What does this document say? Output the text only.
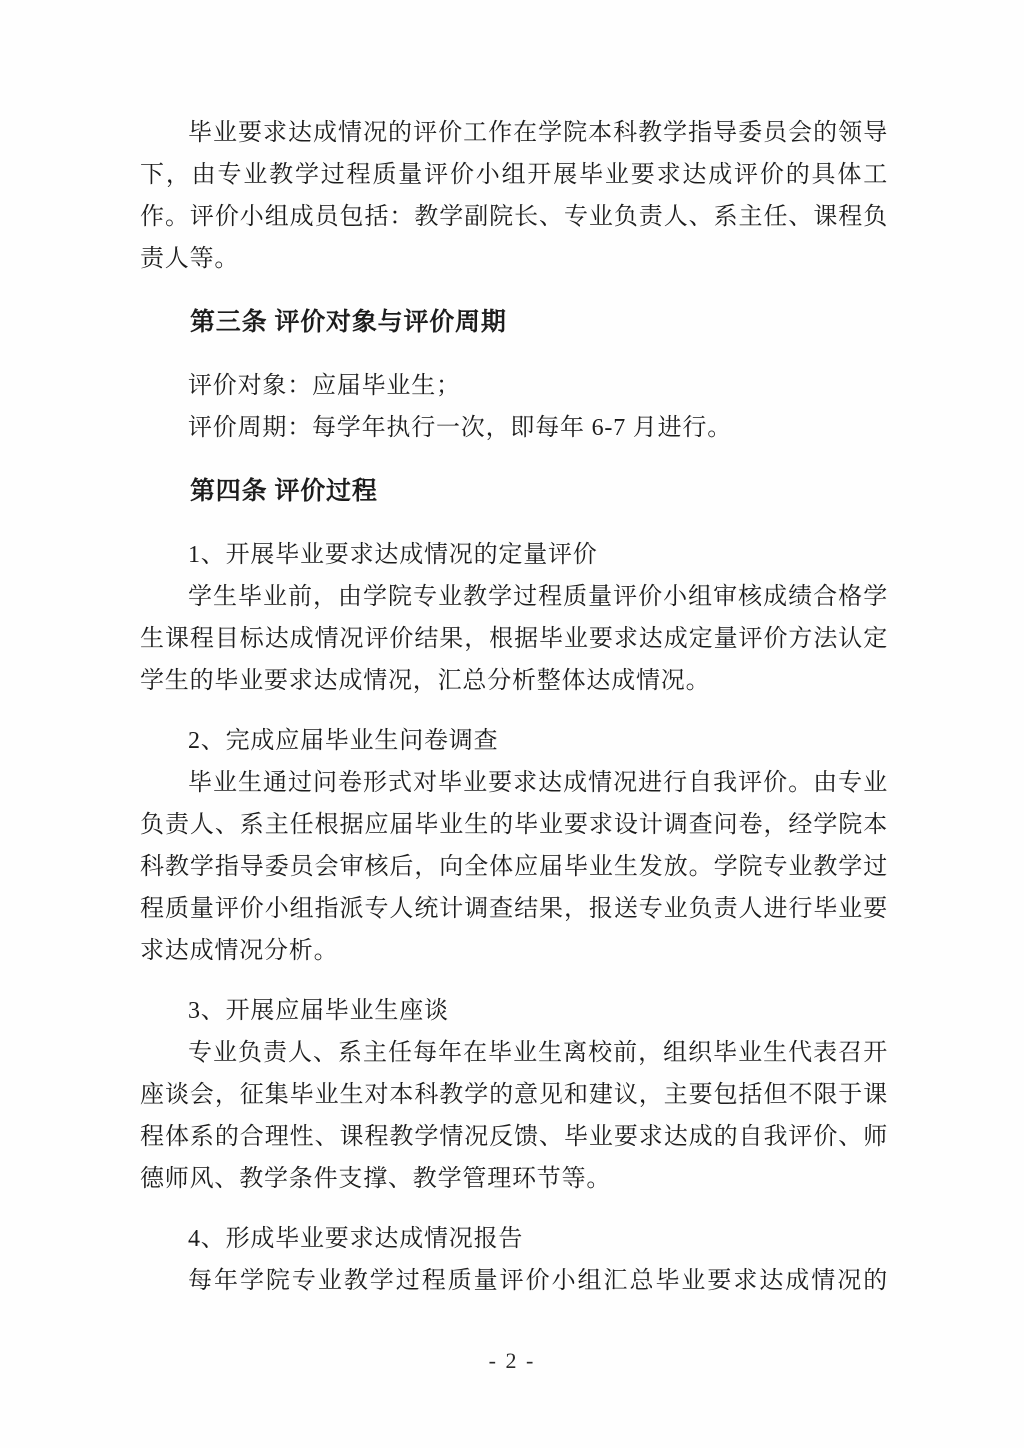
毕业要求达成情况的评价工作在学院本科教学指导委员会的领导下，由专业教学过程质量评价小组开展毕业要求达成评价的具体工作。评价小组成员包括：教学副院长、专业负责人、系主任、课程负责人等。

第三条 评价对象与评价周期

评价对象：应届毕业生；

评价周期：每学年执行一次，即每年 6-7 月进行。

第四条 评价过程

1、开展毕业要求达成情况的定量评价

学生毕业前，由学院专业教学过程质量评价小组审核成绩合格学生课程目标达成情况评价结果，根据毕业要求达成定量评价方法认定学生的毕业要求达成情况，汇总分析整体达成情况。

2、完成应届毕业生问卷调查

毕业生通过问卷形式对毕业要求达成情况进行自我评价。由专业负责人、系主任根据应届毕业生的毕业要求设计调查问卷，经学院本科教学指导委员会审核后，向全体应届毕业生发放。学院专业教学过程质量评价小组指派专人统计调查结果，报送专业负责人进行毕业要求达成情况分析。

3、开展应届毕业生座谈

专业负责人、系主任每年在毕业生离校前，组织毕业生代表召开座谈会，征集毕业生对本科教学的意见和建议，主要包括但不限于课程体系的合理性、课程教学情况反馈、毕业要求达成的自我评价、师德师风、教学条件支撑、教学管理环节等。

4、形成毕业要求达成情况报告

每年学院专业教学过程质量评价小组汇总毕业要求达成情况的

- 2 -
